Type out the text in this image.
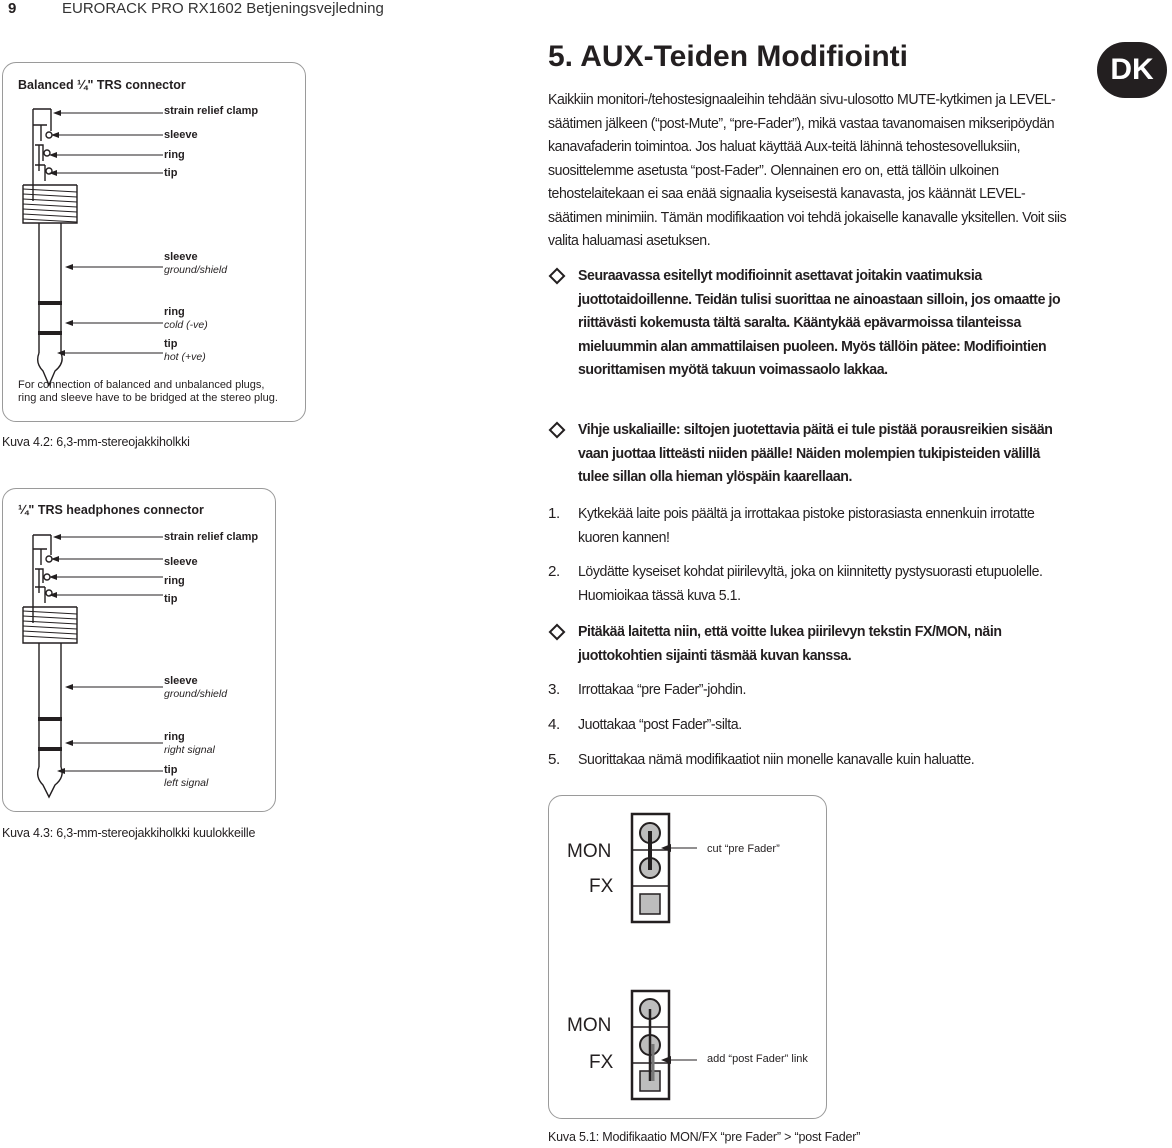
9	EURORACK PRO RX1602 Betjeningsvejledning
DK
Balanced ¼" TRS connector
strain relief clamp
sleeve
ring
tip
sleeve
ground/shield
ring
cold (-ve)
tip
hot (+ve)
For connection of balanced and unbalanced plugs,
ring and sleeve have to be bridged at the stereo plug.
Kuva 4.2: 6,3-mm-stereojakkiholkki
¼" TRS headphones connector
strain relief clamp
sleeve
ring
tip
sleeve
ground/shield
ring
right signal
tip
left signal
Kuva 4.3: 6,3-mm-stereojakkiholkki kuulokkeille
5. AUX-Teiden Modifiointi
Kaikkiin monitori-/tehostesignaaleihin tehdään sivu-ulosotto MUTE-kytkimen ja LEVEL-säätimen jälkeen (“post-Mute”, “pre-Fader”), mikä vastaa tavanomaisen mikseripöydän kanavafaderin toimintoa. Jos haluat käyttää Aux-teitä lähinnä tehostesovelluksiin, suosittelemme asetusta “post-Fader”. Olennainen ero on, että tällöin ulkoinen tehostelaitekaan ei saa enää signaalia kyseisestä kanavasta, jos käännät LEVEL-säätimen minimiin. Tämän modifikaation voi tehdä jokaiselle kanavalle yksitellen. Voit siis valita haluamasi asetuksen.
Seuraavassa esitellyt modifioinnit asettavat joitakin vaatimuksia juottotaidoillenne. Teidän tulisi suorittaa ne ainoastaan silloin, jos omaatte jo riittävästi kokemusta tältä saralta. Kääntykää epävarmoissa tilanteissa mieluummin alan ammattilaisen puoleen. Myös tällöin pätee: Modifiointien suorittamisen myötä takuun voimassaolo lakkaa.
Vihje uskaliaille: siltojen juotettavia päitä ei tule pistää porausreikien sisään vaan juottaa litteästi niiden päälle! Näiden molempien tukipisteiden välillä tulee sillan olla hieman ylöspäin kaarellaan.
1.	Kytkekää laite pois päältä ja irrottakaa pistoke pistorasiasta ennenkuin irrotatte kuoren kannen!
2.	Löydätte kyseiset kohdat piirilevyltä, joka on kiinnitetty pystysuorasti etupuolelle. Huomioikaa tässä kuva 5.1.
Pitäkää laitetta niin, että voitte lukea piirilevyn tekstin FX/MON, näin juottokohtien sijainti täsmää kuvan kanssa.
3.	Irrottakaa “pre Fader”-johdin.
4.	Juottakaa “post Fader”-silta.
5.	Suorittakaa nämä modifikaatiot niin monelle kanavalle kuin haluatte.
MON
FX
cut “pre Fader”
MON
FX	add “post Fader” link
Kuva 5.1: Modifikaatio MON/FX “pre Fader” > “post Fader”
